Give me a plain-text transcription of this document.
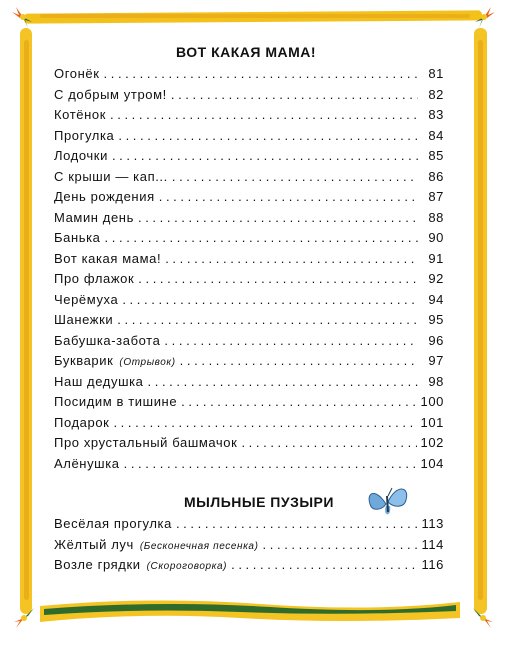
ВОТ КАКАЯ МАМА!
Огонёк . . .	81
С добрым утром! . . .	82
Котёнок . . .	83
Прогулка . . .	84
Лодочки . . .	85
С крыши — кап... . . .	86
День рождения . . .	87
Мамин день . . .	88
Банька . . .	90
Вот какая мама! . . .	91
Про флажок . . .	92
Черёмуха . . .	94
Шанежки . . .	95
Бабушка-забота . . .	96
Букварик (Отрывок) . . .	97
Наш дедушка . . .	98
Посидим в тишине . . .	100
Подарок . . .	101
Про хрустальный башмачок . . .	102
Алёнушка . . .	104
МЫЛЬНЫЕ ПУЗЫРИ
Весёлая прогулка . . .	113
Жёлтый луч (Бесконечная песенка) . . .	114
Возле грядки (Скороговорка) . . .	116
